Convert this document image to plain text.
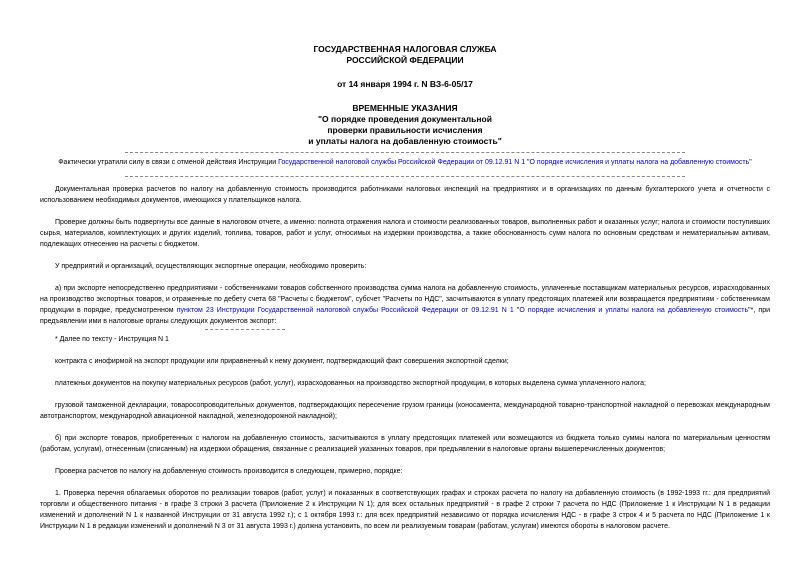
ГОСУДАРСТВЕННАЯ НАЛОГОВАЯ СЛУЖБА
РОССИЙСКОЙ ФЕДЕРАЦИИ
от 14 января 1994 г. N ВЗ-6-05/17
ВРЕМЕННЫЕ УКАЗАНИЯ
"О порядке проведения документальной
проверки правильности исчисления
и уплаты налога на добавленную стоимость"
Фактически утратили силу в связи с отменой действия Инструкции Государственной налоговой службы Российской Федерации от 09.12.91 N 1 "О порядке исчисления и уплаты налога на добавленную стоимость"

Документальная проверка расчетов по налогу на добавленную стоимость производится работниками налоговых инспекций на предприятиях и в организациях по данным бухгалтерского учета и отчетности с использованием необходимых документов, имеющихся у плательщиков налога.

Проверке должны быть подвергнуты все данные в налоговом отчете, а именно: полнота отражения налога и стоимости реализованных товаров, выполненных работ и оказанных услуг; налога и стоимости поступивших сырья, материалов, комплектующих и других изделий, топлива, товаров, работ и услуг, относимых на издержки производства, а также обоснованность сумм налога по основным средствам и нематериальным активам, подлежащих отнесению на расчеты с бюджетом.

У предприятий и организаций, осуществляющих экспортные операции, необходимо проверить:

а) при экспорте непосредственно предприятиями - собственниками товаров собственного производства сумма налога на добавленную стоимость, уплаченные поставщикам материальных ресурсов, израсходованных на производство экспортных товаров, и отраженные по дебету счета 68 "Расчеты с бюджетом", субсчет "Расчеты по НДС", засчитываются в уплату предстоящих платежей или возвращается предприятиям - собственникам продукции в порядке, предусмотренном пунктом 23 Инструкции Государственной налоговой службы Российской Федерации от 09.12.91 N 1 "О порядке исчисления и уплаты налога на добавленную стоимость"*, при предъявлении ими в налоговые органы следующих документов экспорт:

* Далее по тексту - Инструкция N 1

контракта с инофирмой на экспорт продукции или приравненный к нему документ, подтверждающий факт совершения экспортной сделки;

платежных документов на покупку материальных ресурсов (работ, услуг), израсходованных на производство экспортной продукции, в которых выделена сумма уплаченного налога;

грузовой таможенной декларации, товаросопроводительных документов, подтверждающих пересечение грузом границы (коносамента, международной товарно-транспортной накладной о перевозках международным автотранспортом, международной авиационной накладной, железнодорожной накладной);

б) при экспорте товаров, приобретенных с налогом на добавленную стоимость, засчитываются в уплату предстоящих платежей или возмещаются из бюджета только суммы налога по материальным ценностям (работам, услугам), отнесенным (списанным) на издержки обращения, связанные с реализацией указанных товаров, при предъявлении в налоговые органы вышеперечисленных документов;

Проверка расчетов по налогу на добавленную стоимость производится в следующем, примерно, порядке:

1. Проверка перечня облагаемых оборотов по реализации товаров (работ, услуг) и показанных в соответствующих графах и строках расчета по налогу на добавленную стоимость (в 1992-1993 гг.: для предприятий торговли и общественного питания - в графе 3 строки 3 расчета (Приложение 2 к Инструкции N 1); для всех остальных предприятий - в графе 2 строки 7 расчета по НДС (Приложение 1 к Инструкции N 1 в редакции изменений и дополнений N 1 к названной Инструкции от 31 августа 1992 г.); с 1 октября 1993 г.: для всех предприятий независимо от порядка исчисления НДС - в графе 3 строк 4 и 5 расчета по НДС (Приложение 1 к Инструкции N 1 в редакции изменений и дополнений N 3 от 31 августа 1993 г.) должна установить, по всем ли реализуемым товарам (работам, услугам) имеются обороты в налоговом расчете.
